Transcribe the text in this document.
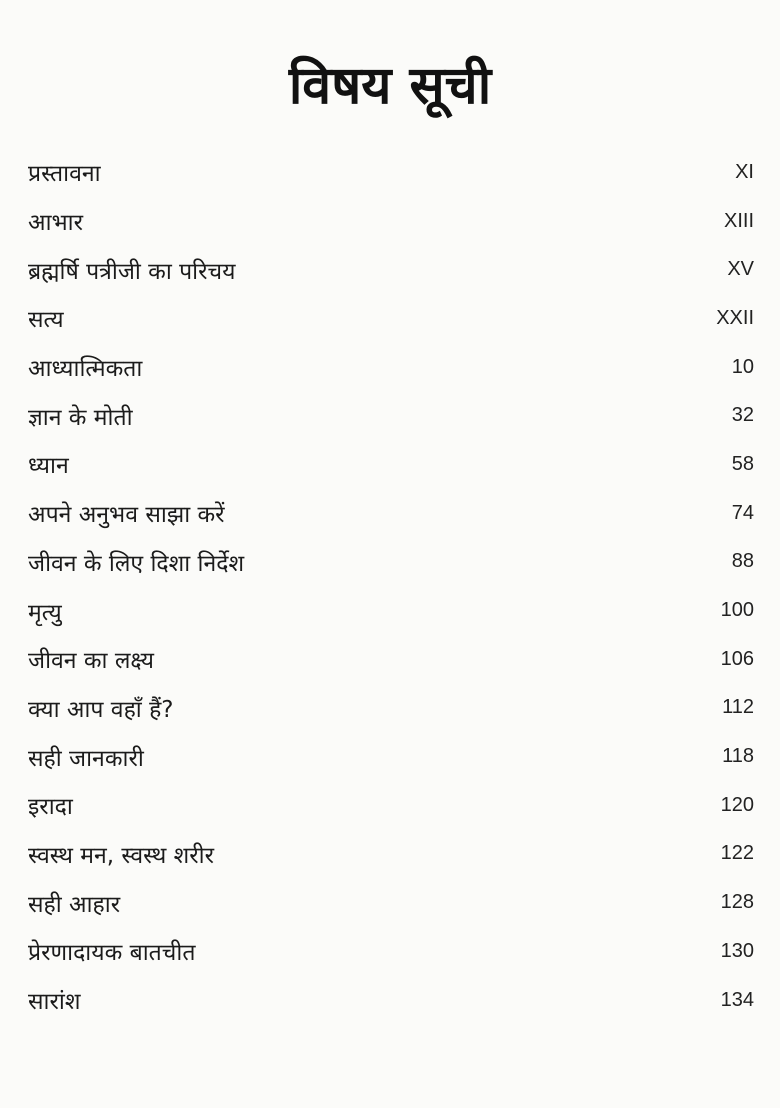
विषय सूची
प्रस्तावना	XI
आभार	XIII
ब्रह्मर्षि पत्रीजी का परिचय	XV
सत्य	XXII
आध्यात्मिकता	10
ज्ञान के मोती	32
ध्यान	58
अपने अनुभव साझा करें	74
जीवन के लिए दिशा निर्देश	88
मृत्यु	100
जीवन का लक्ष्य	106
क्या आप वहाँ हैं?	112
सही जानकारी	118
इरादा	120
स्वस्थ मन, स्वस्थ शरीर	122
सही आहार	128
प्रेरणादायक बातचीत	130
सारांश	134
